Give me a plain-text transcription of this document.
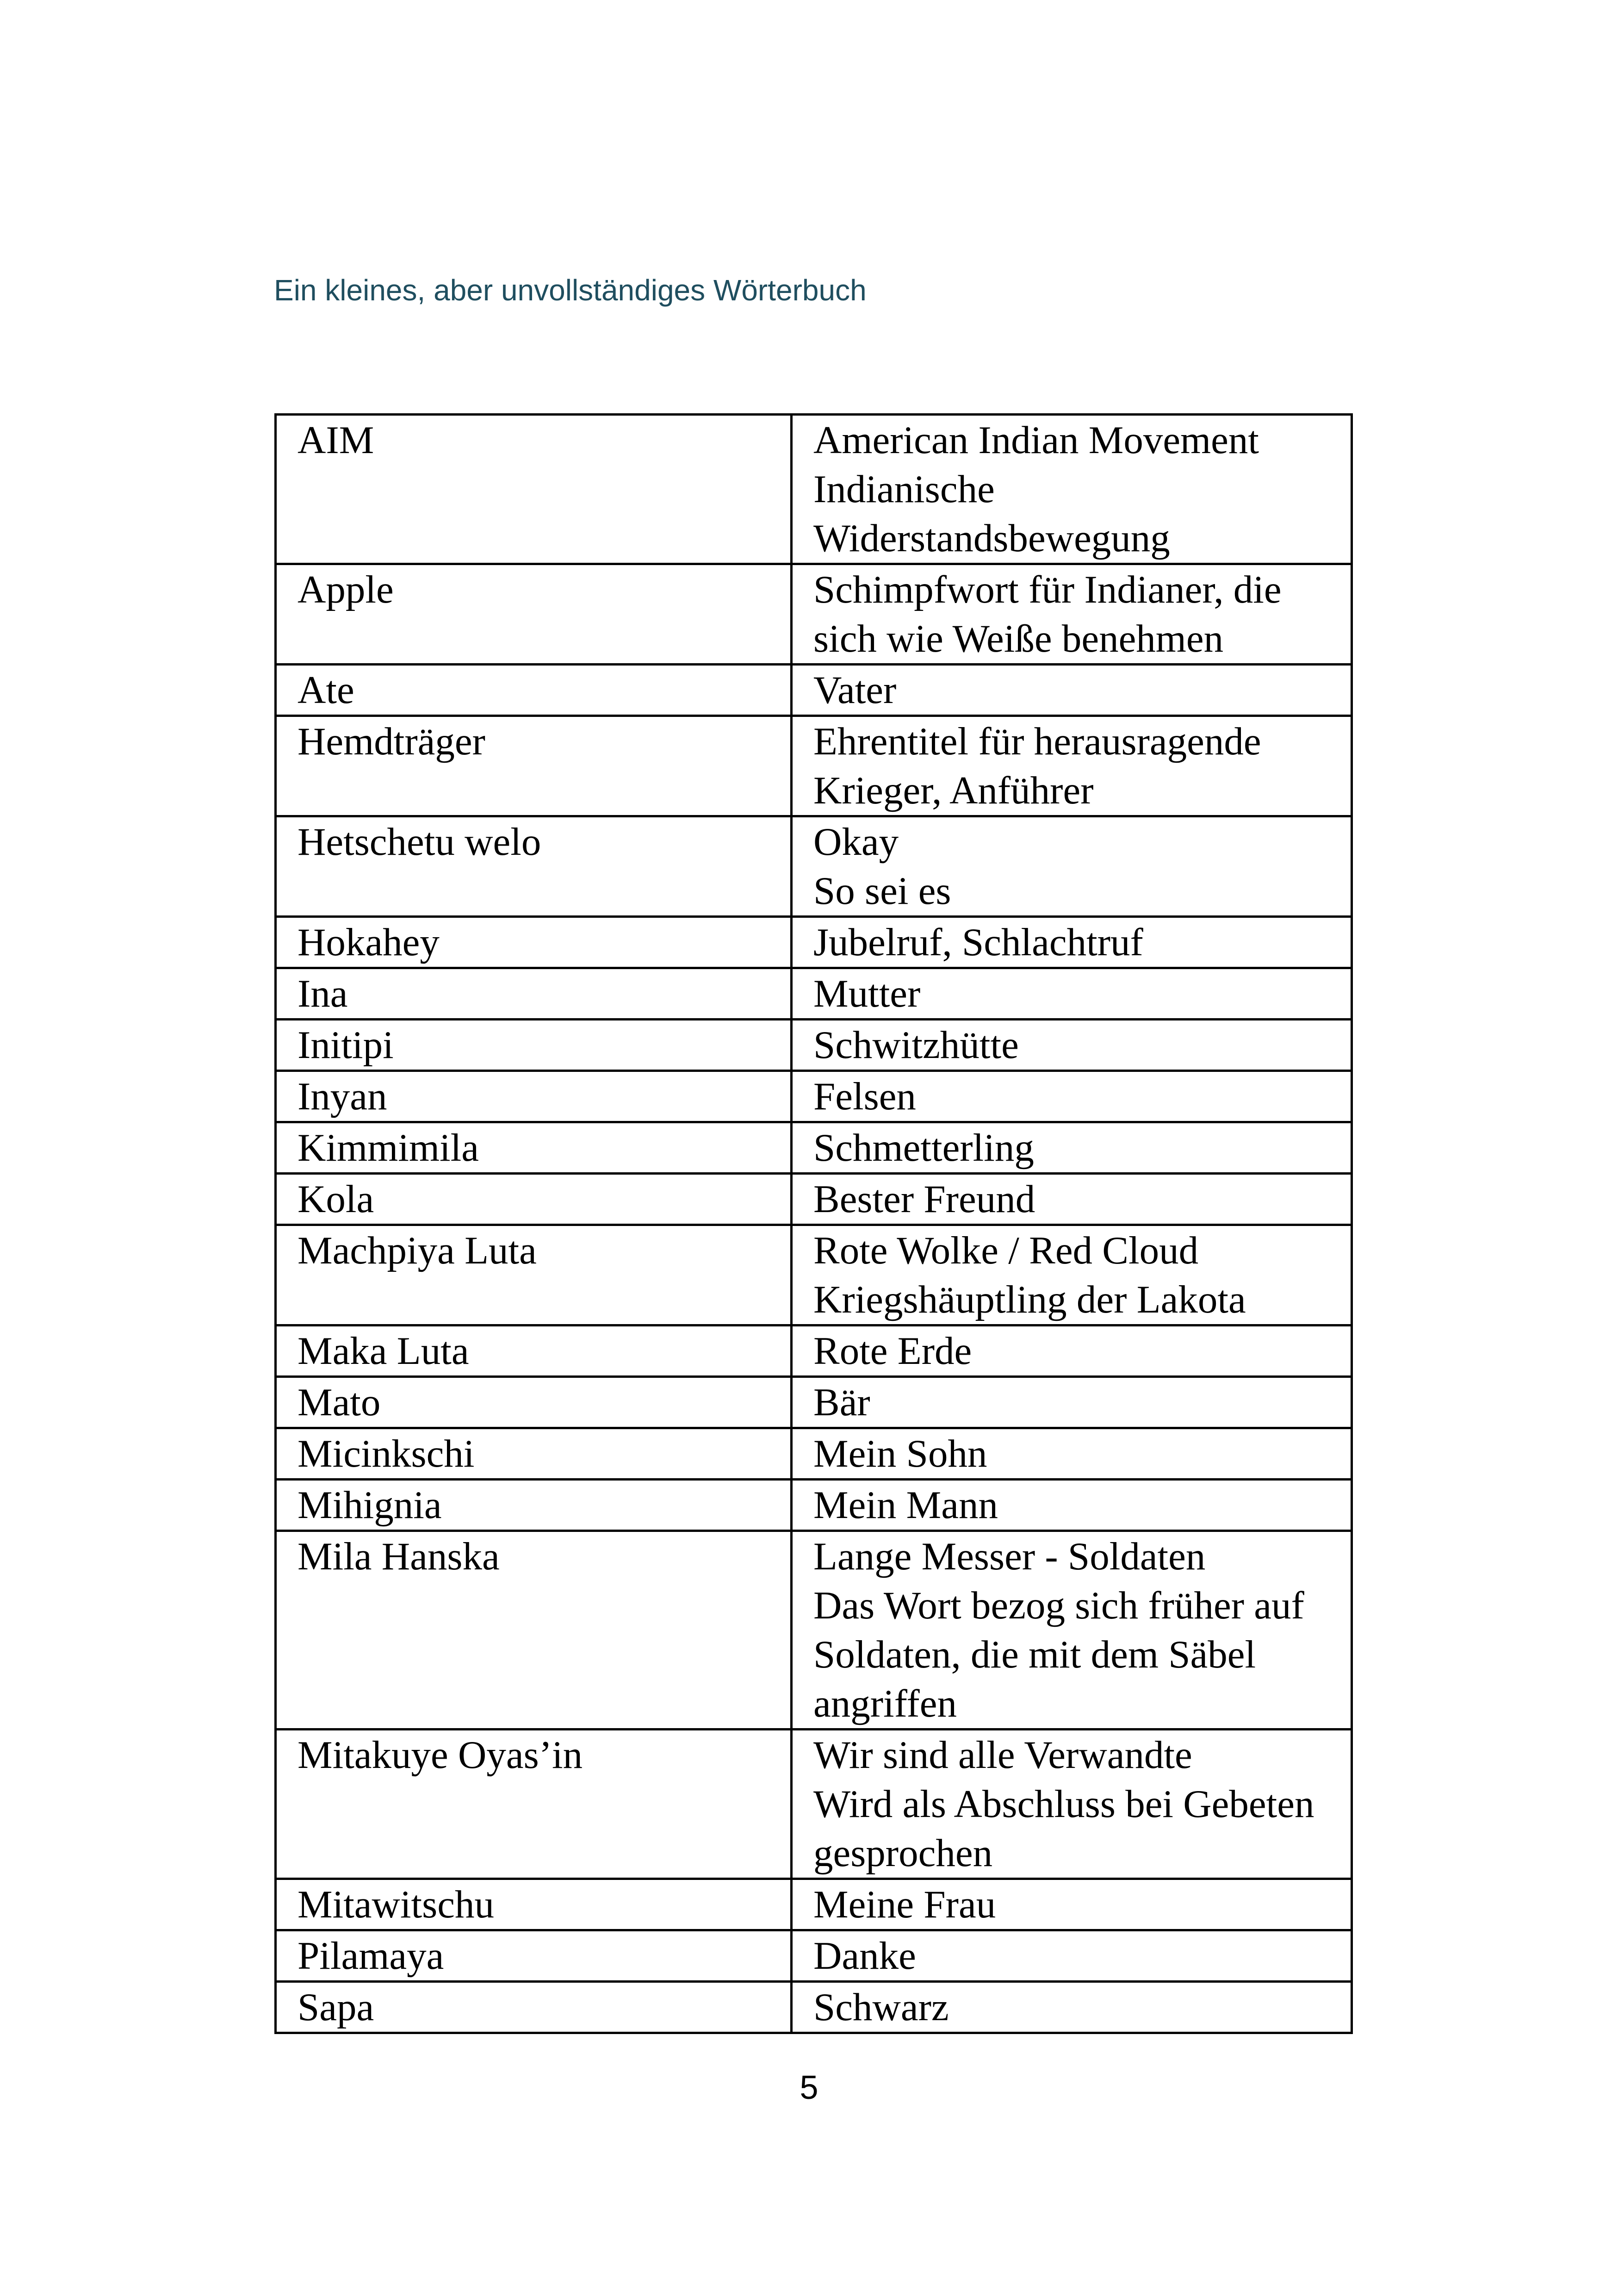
Ein kleines, aber unvollständiges Wörterbuch
AIM	American Indian Movement
Indianische
Widerstandsbewegung

Apple	Schimpfwort für Indianer, die
sich wie Weiße benehmen

Ate	Vater

Hemdträger	Ehrentitel für herausragende
Krieger, Anführer

Hetschetu welo	Okay
So sei es

Hokahey	Jubelruf, Schlachtruf

Ina	Mutter

Initipi	Schwitzhütte

Inyan	Felsen

Kimmimila	Schmetterling

Kola	Bester Freund

Machpiya Luta	Rote Wolke / Red Cloud
Kriegshäuptling der Lakota

Maka Luta	Rote Erde

Mato	Bär

Micinkschi	Mein Sohn

Mihignia	Mein Mann

Mila Hanska	Lange Messer - Soldaten
Das Wort bezog sich früher auf
Soldaten, die mit dem Säbel
angriffen

Mitakuye Oyas’in	Wir sind alle Verwandte
Wird als Abschluss bei Gebeten
gesprochen

Mitawitschu	Meine Frau

Pilamaya	Danke

Sapa	Schwarz
5
